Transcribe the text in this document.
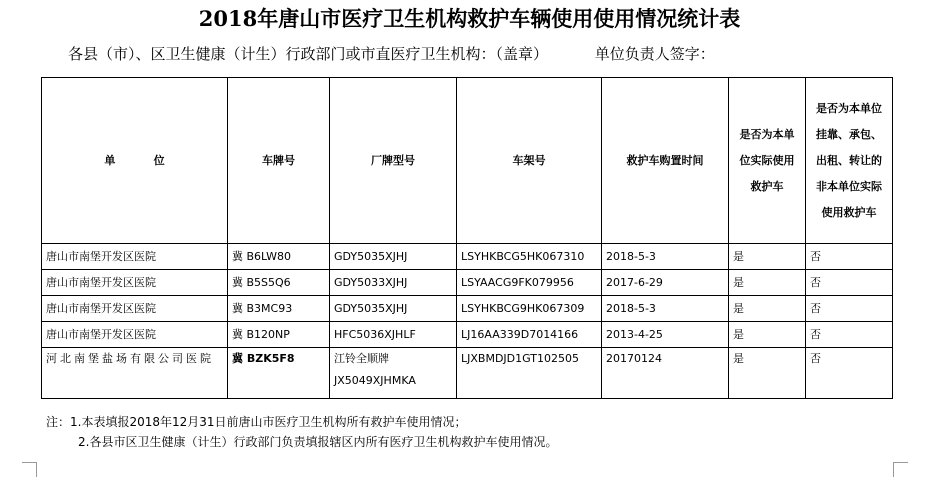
2018年唐山市医疗卫生机构救护车辆使用使用情况统计表
各县（市）、区卫生健康（计生）行政部门或市直医疗卫生机构：（盖章）	单位负责人签字：
单          位	车牌号	厂牌型号	车架号	救护车购置时间	是否为本单位实际使用救护车	是否为本单位挂靠、承包、出租、转让的非本单位实际使用救护车
唐山市南堡开发区医院	冀 B6LW80	GDY5035XJHJ	LSYHKBCG5HK067310	2018-5-3	是	否
唐山市南堡开发区医院	冀 B5S5Q6	GDY5033XJHJ	LSYAACG9FK079956	2017-6-29	是	否
唐山市南堡开发区医院	冀 B3MC93	GDY5035XJHJ	LSYHKBCG9HK067309	2018-5-3	是	否
唐山市南堡开发区医院	冀 B120NP	HFC5036XJHLF	LJ16AA339D7014166	2013-4-25	是	否
河北南堡盐场有限公司医院	冀 BZK5F8	江铃全顺牌 JX5049XJHMKA	LJXBMDJD1GT102505	20170124	是	否
注：1.本表填报2018年12月31日前唐山市医疗卫生机构所有救护车使用情况；
2.各县市区卫生健康（计生）行政部门负责填报辖区内所有医疗卫生机构救护车使用情况。
